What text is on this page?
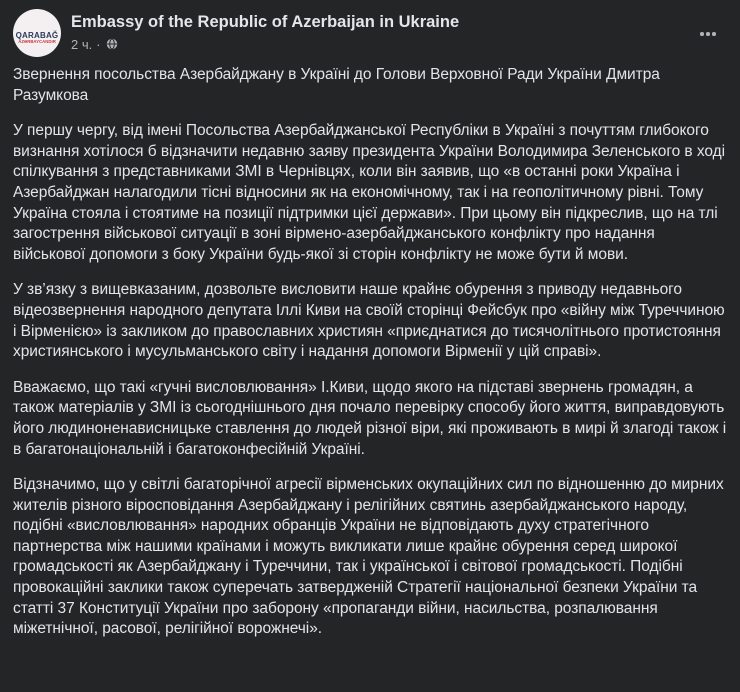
QARABAĞ
AZƏRBAYCANDIR
Embassy of the Republic of Azerbaijan in Ukraine
2 ч. ·

Звернення посольства Азербайджану в Україні до Голови Верховної Ради України Дмитра Разумкова

У першу чергу, від імені Посольства Азербайджанської Республіки в Україні з почуттям глибокого визнання хотілося б відзначити недавню заяву президента України Володимира Зеленського в ході спілкування з представниками ЗМІ в Чернівцях, коли він заявив, що «в останні роки Україна і Азербайджан налагодили тісні відносини як на економічному, так і на геополітичному рівні. Тому Україна стояла і стоятиме на позиції підтримки цієї держави». При цьому він підкреслив, що на тлі загострення військової ситуації в зоні вірмено-азербайджанського конфлікту про надання військової допомоги з боку України будь-якої зі сторін конфлікту не може бути й мови.

У зв’язку з вищевказаним, дозвольте висловити наше крайнє обурення з приводу недавнього відеозвернення народного депутата Іллі Киви на своїй сторінці Фейсбук про «війну між Туреччиною і Вірменією» із закликом до православних християн «приєднатися до тисячолітнього протистояння християнського і мусульманського світу і надання допомоги Вірменії у цій справі».

Вважаємо, що такі «гучні висловлювання» І.Киви, щодо якого на підставі звернень громадян, а також матеріалів у ЗМІ із сьогоднішнього дня почало перевірку способу його життя, виправдовують його людиноненависницьке ставлення до людей різної віри, які проживають в мирі й злагоді також і в багатонаціональній і багатоконфесійній Україні.

Відзначимо, що у світлі багаторічної агресії вірменських окупаційних сил по відношенню до мирних жителів різного віросповідання Азербайджану і релігійних святинь азербайджанського народу, подібні «висловлювання» народних обранців України не відповідають духу стратегічного партнерства між нашими країнами і можуть викликати лише крайнє обурення серед широкої громадськості як Азербайджану і Туреччини, так і української і світової громадськості. Подібні провокаційні заклики також суперечать затвердженій Стратегії національної безпеки України та статті 37 Конституції України про заборону «пропаганди війни, насильства, розпалювання міжетнічної, расової, релігійної ворожнечі».
